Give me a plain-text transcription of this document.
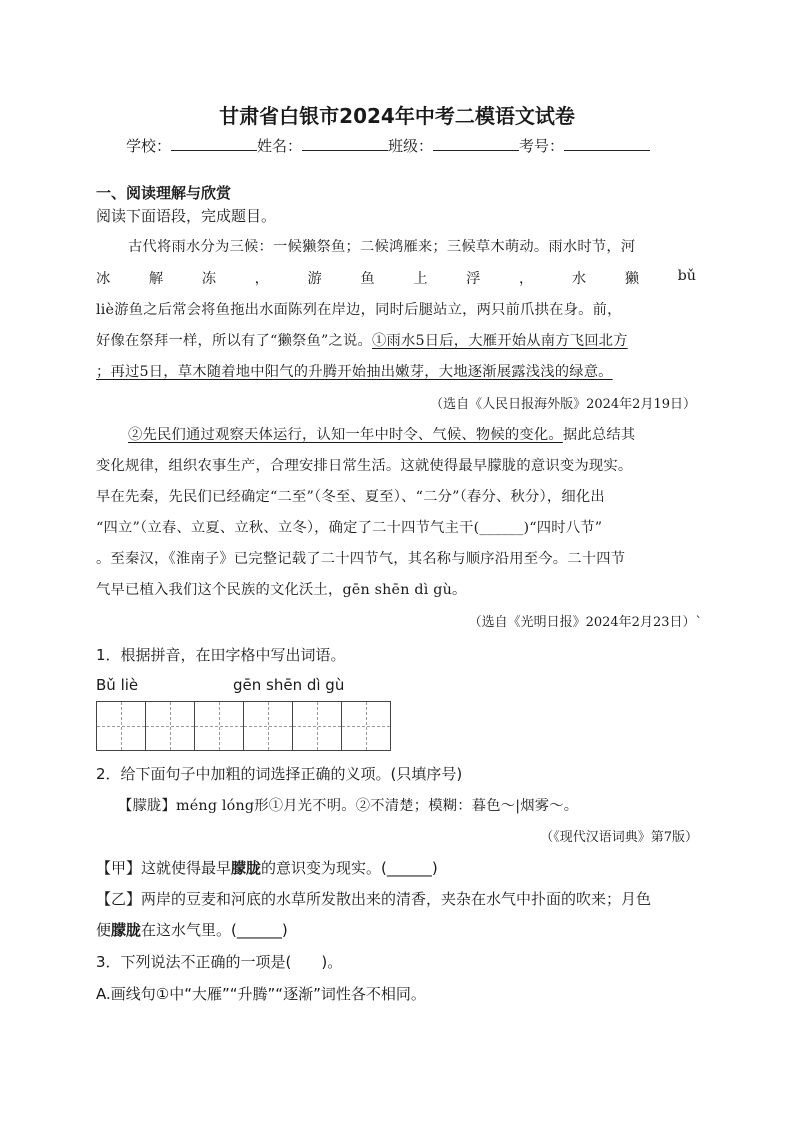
甘肃省白银市2024年中考二模语文试卷
学校：	姓名：	班级：	考号：
一、阅读理解与欣赏
阅读下面语段，完成题目。
古代将雨水分为三候：一候獭祭鱼；二候鸿雁来；三候草木萌动。雨水时节，河
冰	解	冻	，	游	鱼	上	浮	，	水	獭	bǔ
liè游鱼之后常会将鱼拖出水面陈列在岸边，同时后腿站立，两只前爪拱在身。前，
好像在祭拜一样，所以有了“獭祭鱼”之说。①雨水5日后，大雁开始从南方飞回北方
；再过5日，草木随着地中阳气的升腾开始抽出嫩芽，大地逐渐展露浅浅的绿意。
（选自《人民日报海外版》2024年2月19日）
②先民们通过观察天体运行，认知一年中时令、气候、物候的变化。据此总结其
变化规律，组织农事生产，合理安排日常生活。这就使得最早朦胧的意识变为现实。
早在先秦，先民们已经确定“二至”（冬至、夏至）、“二分”（春分、秋分），细化出
“四立”（立春、立夏、立秋、立冬），确定了二十四节气主干(______)“四时八节”
。至秦汉，《淮南子》已完整记载了二十四节气，其名称与顺序沿用至今。二十四节
气早已植入我们这个民族的文化沃土，gēn shēn dì gù。
（选自《光明日报》2024年2月23日）`
1．根据拼音，在田字格中写出词语。
Bǔ liè	gēn shēn dì gù
2．给下面句子中加粗的词选择正确的义项。(只填序号)
【朦胧】méng lóng形①月光不明。②不清楚；模糊：暮色～|烟雾～。
（《现代汉语词典》第7版）
【甲】这就使得最早朦胧的意识变为现实。(______)
【乙】两岸的豆麦和河底的水草所发散出来的清香，夹杂在水气中扑面的吹来；月色
便朦胧在这水气里。(______)
3．下列说法不正确的一项是(　　)。
A.画线句①中“大雁”“升腾”“逐渐”词性各不相同。
